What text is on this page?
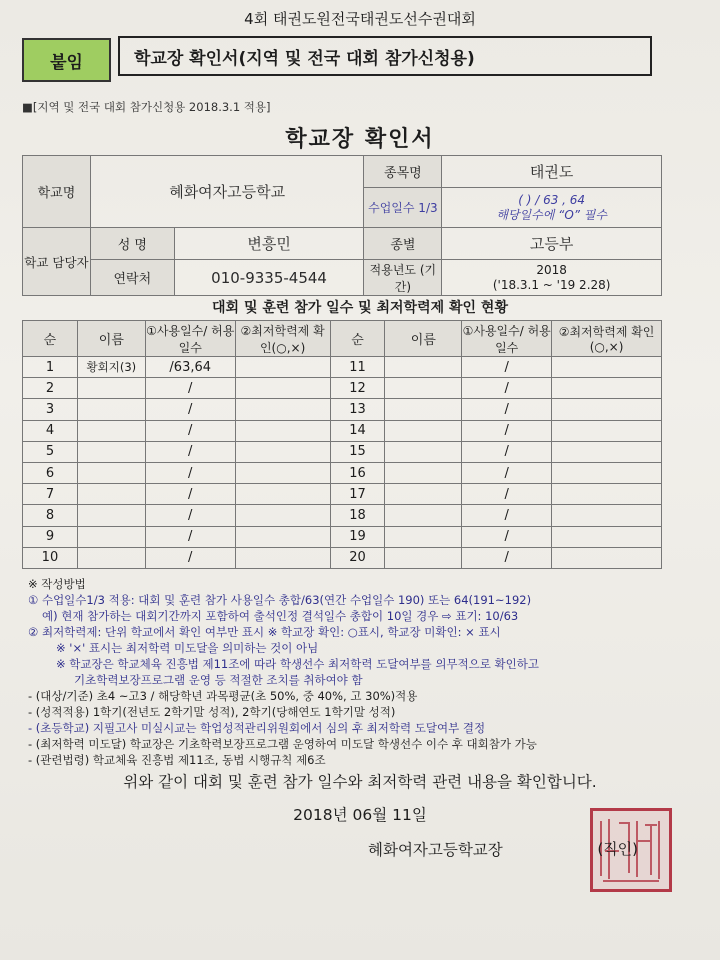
4회 태권도원전국태권도선수권대회
붙임	학교장 확인서(지역 및 전국 대회 참가신청용)
■[지역 및 전국 대회 참가신청용 2018.3.1 적용]
학교장 확인서
학교명	혜화여자고등학교		종목명	태권도
			수업일수 1/3	( ) / 63 , 64
해당일수에 “O” 필수

학교 담당자	성 명	변흥민	종별	고등부
	연락처	010-9335-4544	적용년도 (기간)	2018
('18.3.1 ~ '19 2.28)
대회 및 훈련 참가 일수 및 최저학력제 확인 현황
순	이름	①사용일수/ 허용일수	②최저학력제 확인(○,×)	순	이름	①사용일수/ 허용일수	②최저학력제 확인(○,×)
1	황회지(3)	/63,64		11		/	
2		/		12		/	
3		/		13		/	
4		/		14		/	
5		/		15		/	
6		/		16		/	
7		/		17		/	
8		/		18		/	
9		/		19		/	
10		/		20		/	
※ 작성방법
① 수업일수1/3 적용: 대회 및 훈련 참가 사용일수 총합/63(연간 수업일수 190) 또는 64(191~192)
예) 현재 참가하는 대회기간까지 포함하여 출석인정 결석일수 총합이 10일 경우 ⇨ 표기: 10/63
② 최저학력제: 단위 학교에서 확인 여부만 표시 ※ 학교장 확인: ○표시, 학교장 미확인: × 표시
※ '×' 표시는 최저학력 미도달을 의미하는 것이 아님
※ 학교장은 학교체육 진흥법 제11조에 따라 학생선수 최저학력 도달여부를 의무적으로 확인하고
기초학력보장프로그램 운영 등 적절한 조치를 취하여야 함
- (대상/기준) 초4 ~고3 / 해당학년 과목평균(초 50%, 중 40%, 고 30%)적용
- (성적적용) 1학기(전년도 2학기말 성적), 2학기(당해연도 1학기말 성적)
- (초등학교) 지필고사 미실시교는 학업성적관리위원회에서 심의 후 최저학력 도달여부 결정
- (최저학력 미도달) 학교장은 기초학력보장프로그램 운영하여 미도달 학생선수 이수 후 대회참가 가능
- (관련법령) 학교체육 진흥법 제11조, 동법 시행규칙 제6조
위와 같이 대회 및 훈련 참가 일수와 최저학력 관련 내용을 확인합니다.
2018년 06월 11일
혜화여자고등학교장	(직인)
